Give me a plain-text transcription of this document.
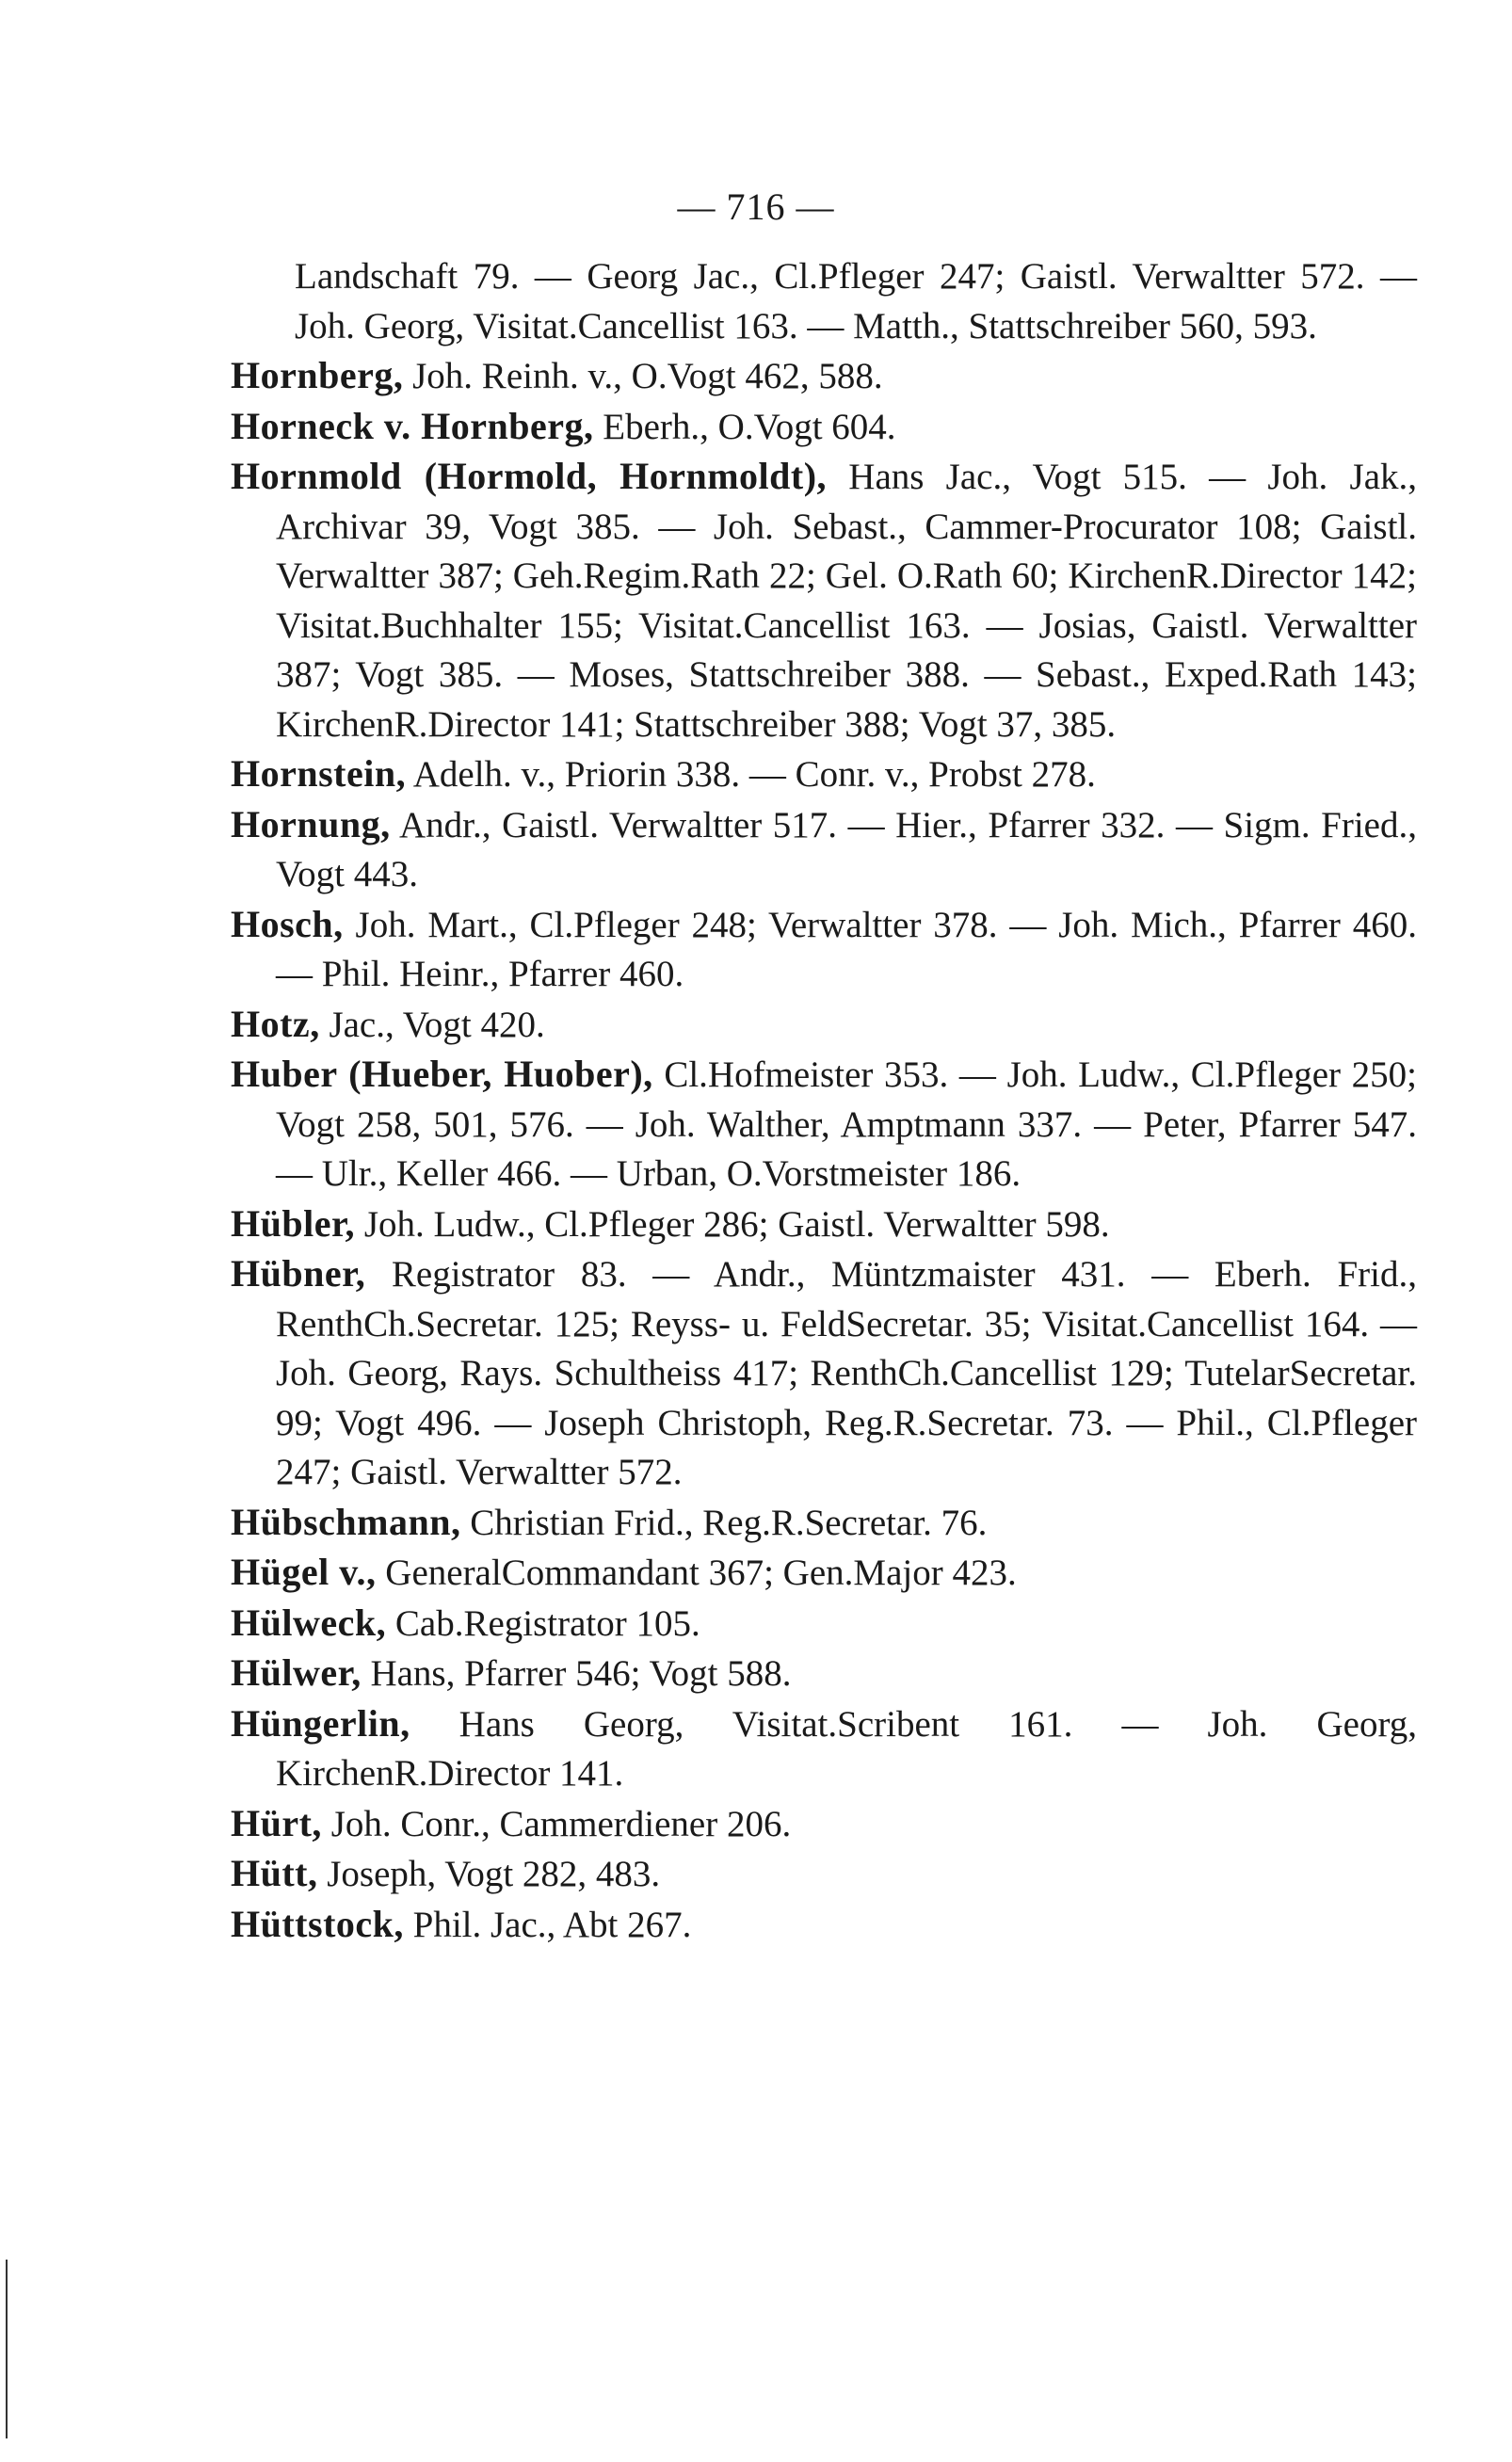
— 716 —

Landschaft 79. — Georg Jac., Cl.Pfleger 247; Gaistl. Verwaltter 572. — Joh. Georg, Visitat.Cancellist 163. — Matth., Stattschreiber 560, 593.

Hornberg, Joh. Reinh. v., O.Vogt 462, 588.

Horneck v. Hornberg, Eberh., O.Vogt 604.

Hornmold (Hormold, Hornmoldt), Hans Jac., Vogt 515. — Joh. Jak., Archivar 39, Vogt 385. — Joh. Sebast., Cammer-Procurator 108; Gaistl. Verwaltter 387; Geh.Regim.Rath 22; Gel. O.Rath 60; KirchenR.Director 142; Visitat.Buchhalter 155; Visitat.Cancellist 163. — Josias, Gaistl. Verwaltter 387; Vogt 385. — Moses, Stattschreiber 388. — Sebast., Exped.Rath 143; KirchenR.Director 141; Stattschreiber 388; Vogt 37, 385.

Hornstein, Adelh. v., Priorin 338. — Conr. v., Probst 278.

Hornung, Andr., Gaistl. Verwaltter 517. — Hier., Pfarrer 332. — Sigm. Fried., Vogt 443.

Hosch, Joh. Mart., Cl.Pfleger 248; Verwaltter 378. — Joh. Mich., Pfarrer 460. — Phil. Heinr., Pfarrer 460.

Hotz, Jac., Vogt 420.

Huber (Hueber, Huober), Cl.Hofmeister 353. — Joh. Ludw., Cl.Pfleger 250; Vogt 258, 501, 576. — Joh. Walther, Amptmann 337. — Peter, Pfarrer 547. — Ulr., Keller 466. — Urban, O.Vorstmeister 186.

Hübler, Joh. Ludw., Cl.Pfleger 286; Gaistl. Verwaltter 598.

Hübner, Registrator 83. — Andr., Müntzmaister 431. — Eberh. Frid., RenthCh.Secretar. 125; Reyss- u. FeldSecretar. 35; Visitat.Cancellist 164. — Joh. Georg, Rays. Schultheiss 417; RenthCh.Cancellist 129; TutelarSecretar. 99; Vogt 496. — Joseph Christoph, Reg.R.Secretar. 73. — Phil., Cl.Pfleger 247; Gaistl. Verwaltter 572.

Hübschmann, Christian Frid., Reg.R.Secretar. 76.

Hügel v., GeneralCommandant 367; Gen.Major 423.

Hülweck, Cab.Registrator 105.

Hülwer, Hans, Pfarrer 546; Vogt 588.

Hüngerlin, Hans Georg, Visitat.Scribent 161. — Joh. Georg, KirchenR.Director 141.

Hürt, Joh. Conr., Cammerdiener 206.

Hütt, Joseph, Vogt 282, 483.

Hüttstock, Phil. Jac., Abt 267.
